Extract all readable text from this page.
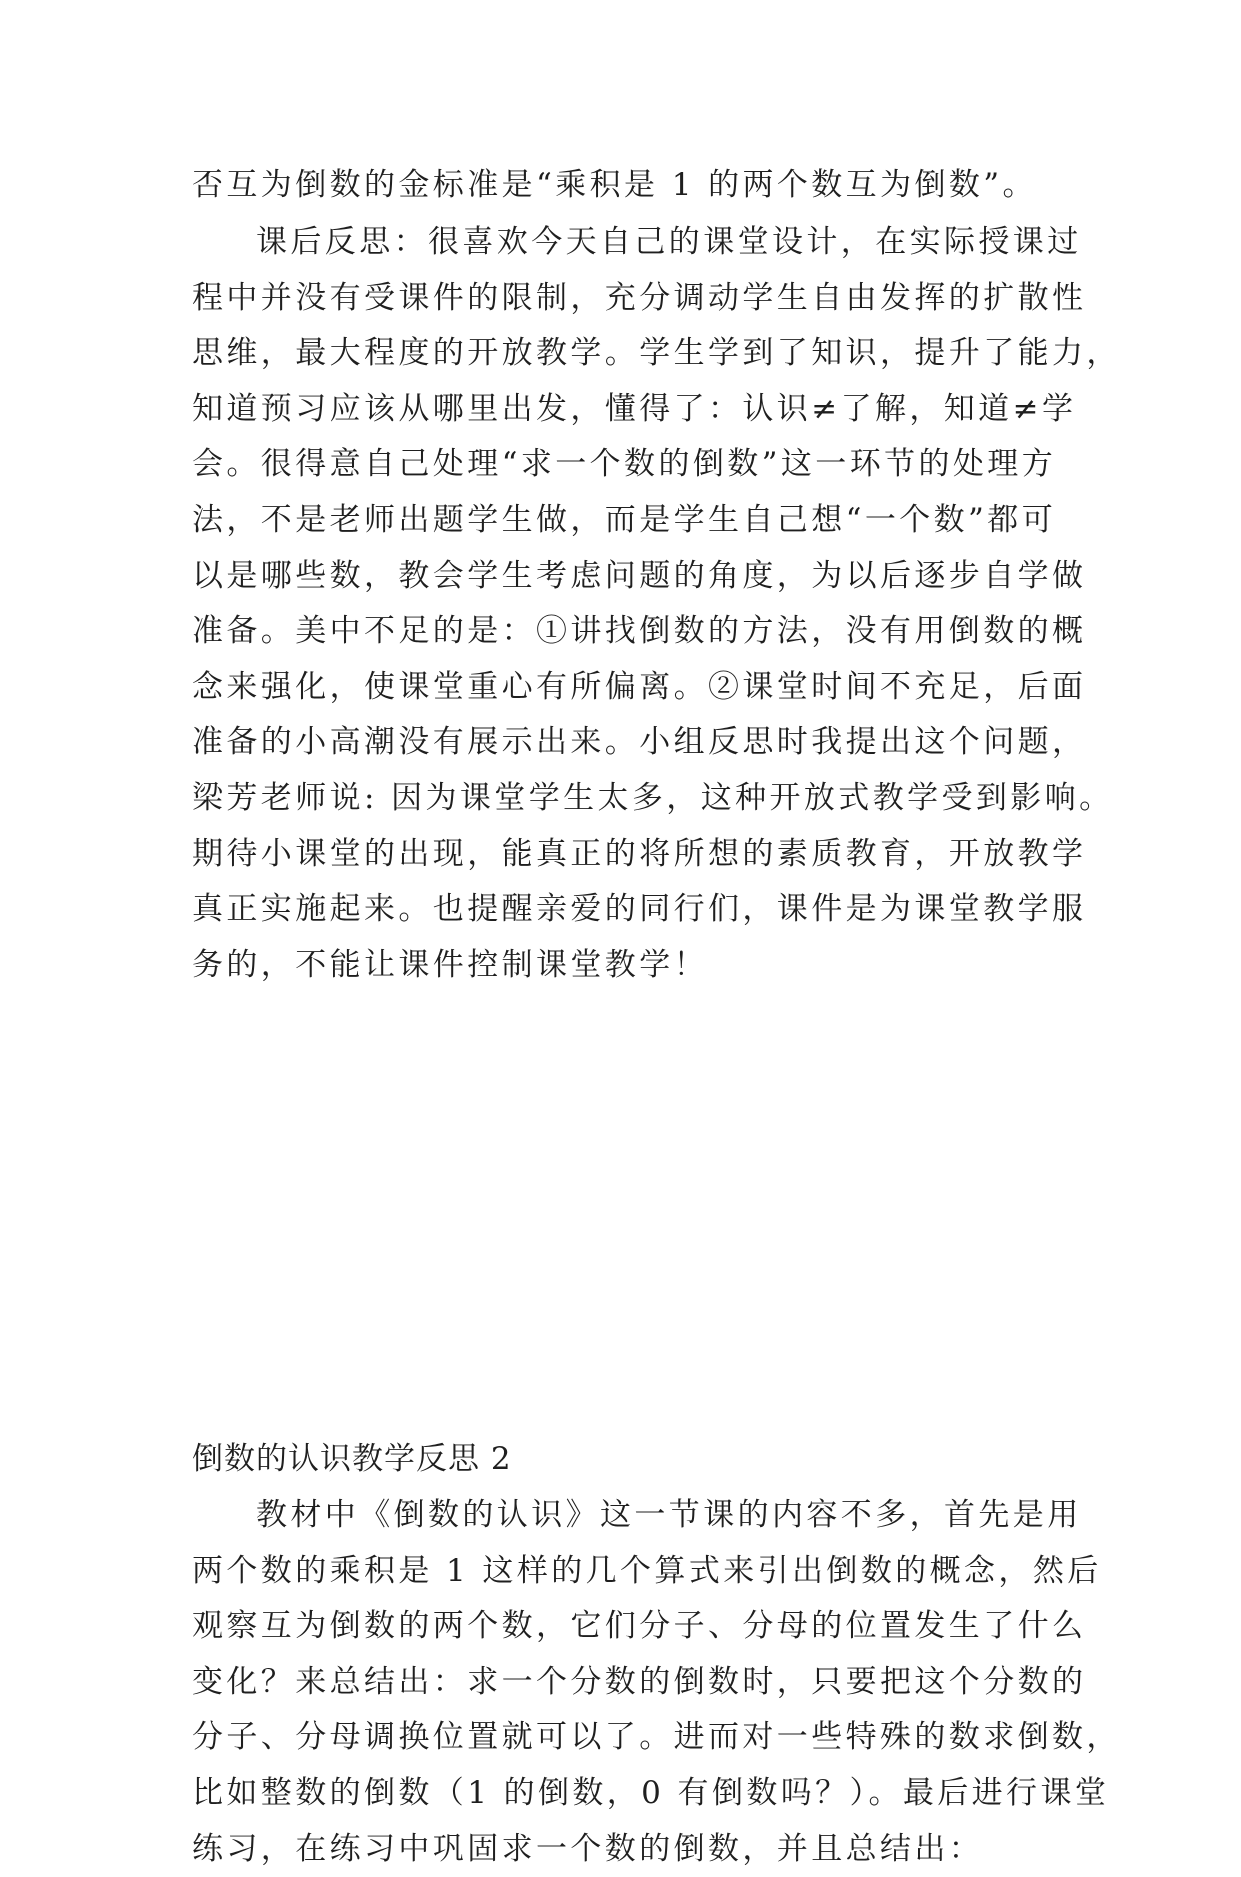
否互为倒数的金标准是“乘积是 1 的两个数互为倒数”。
课后反思：很喜欢今天自己的课堂设计，在实际授课过
程中并没有受课件的限制，充分调动学生自由发挥的扩散性
思维，最大程度的开放教学。学生学到了知识，提升了能力，
知道预习应该从哪里出发，懂得了：认识≠了解，知道≠学
会。很得意自己处理“求一个数的倒数”这一环节的处理方
法，不是老师出题学生做，而是学生自己想“一个数”都可
以是哪些数，教会学生考虑问题的角度，为以后逐步自学做
准备。美中不足的是：①讲找倒数的方法，没有用倒数的概
念来强化，使课堂重心有所偏离。②课堂时间不充足，后面
准备的小高潮没有展示出来。小组反思时我提出这个问题，
梁芳老师说: 因为课堂学生太多，这种开放式教学受到影响。
期待小课堂的出现，能真正的将所想的素质教育，开放教学
真正实施起来。也提醒亲爱的同行们，课件是为课堂教学服
务的，不能让课件控制课堂教学！
倒数的认识教学反思 2
教材中《倒数的认识》这一节课的内容不多，首先是用
两个数的乘积是 1 这样的几个算式来引出倒数的概念，然后
观察互为倒数的两个数，它们分子、分母的位置发生了什么
变化？来总结出：求一个分数的倒数时，只要把这个分数的
分子、分母调换位置就可以了。进而对一些特殊的数求倒数，
比如整数的倒数（1 的倒数，0 有倒数吗？）。最后进行课堂
练习，在练习中巩固求一个数的倒数，并且总结出：
